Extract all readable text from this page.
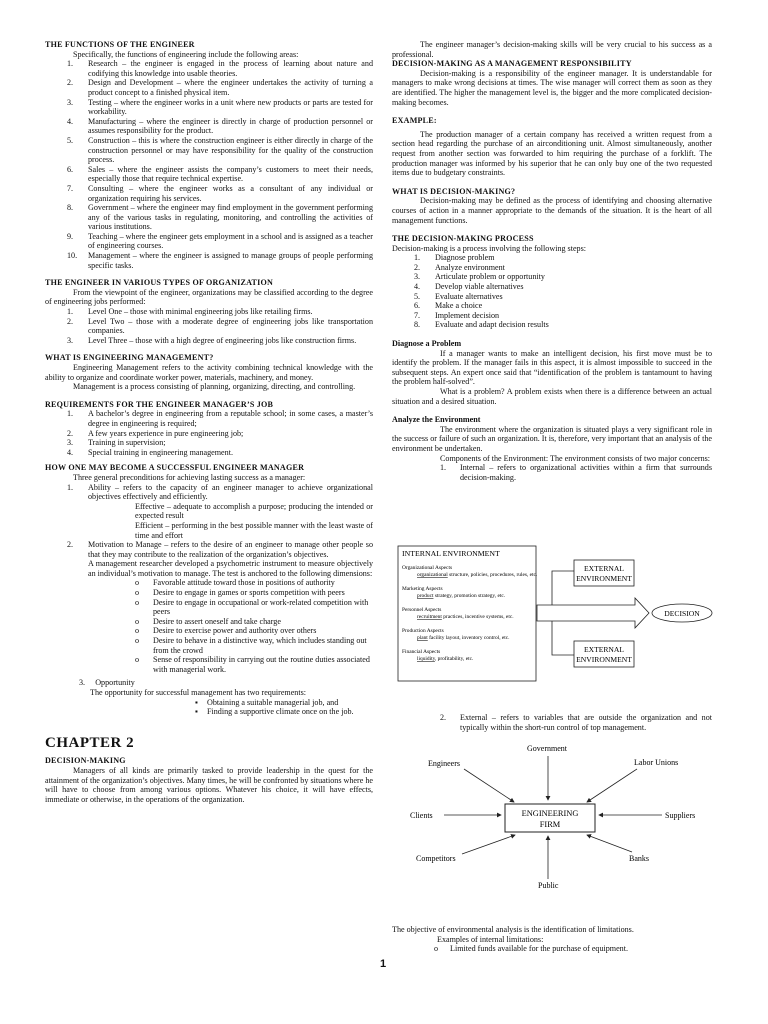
THE FUNCTIONS OF THE ENGINEER
Specifically, the functions of engineering include the following areas:
1. Research – the engineer is engaged in the process of learning about nature and codifying this knowledge into usable theories.
2. Design and Development – where the engineer undertakes the activity of turning a product concept to a finished physical item.
3. Testing – where the engineer works in a unit where new products or parts are tested for workability.
4. Manufacturing – where the engineer is directly in charge of production personnel or assumes responsibility for the product.
5. Construction – this is where the construction engineer is either directly in charge of the construction personnel or may have responsibility for the quality of the construction process.
6. Sales – where the engineer assists the company’s customers to meet their needs, especially those that require technical expertise.
7. Consulting – where the engineer works as a consultant of any individual or organization requiring his services.
8. Government – where the engineer may find employment in the government performing any of the various tasks in regulating, monitoring, and controlling the activities of various institutions.
9. Teaching – where the engineer gets employment in a school and is assigned as a teacher of engineering courses.
10. Management – where the engineer is assigned to manage groups of people performing specific tasks.
THE ENGINEER IN VARIOUS TYPES OF ORGANIZATION
From the viewpoint of the engineer, organizations may be classified according to the degree of engineering jobs performed:
1. Level One – those with minimal engineering jobs like retailing firms.
2. Level Two – those with a moderate degree of engineering jobs like transportation companies.
3. Level Three – those with a high degree of engineering jobs like construction firms.
WHAT IS ENGINEERING MANAGEMENT?
Engineering Management refers to the activity combining technical knowledge with the ability to organize and coordinate worker power, materials, machinery, and money.
Management is a process consisting of planning, organizing, directing, and controlling.
REQUIREMENTS FOR THE ENGINEER MANAGER’S JOB
1. A bachelor’s degree in engineering from a reputable school; in some cases, a master’s degree in engineering is required;
2. A few years experience in pure engineering job;
3. Training in supervision;
4. Special training in engineering management.
HOW ONE MAY BECOME A SUCCESSFUL ENGINEER MANAGER
Three general preconditions for achieving lasting success as a manager:
1. Ability – refers to the capacity of an engineer manager to achieve organizational objectives effectively and efficiently.
Effective – adequate to accomplish a purpose; producing the intended or expected result
Efficient – performing in the best possible manner with the least waste of time and effort
2. Motivation to Manage – refers to the desire of an engineer to manage other people so that they may contribute to the realization of the organization’s objectives.
A management researcher developed a psychometric instrument to measure objectively an individual’s motivation to manage. The test is anchored to the following dimensions:
o Favorable attitude toward those in positions of authority
o Desire to engage in games or sports competition with peers
o Desire to engage in occupational or work-related competition with peers
o Desire to assert oneself and take charge
o Desire to exercise power and authority over others
o Desire to behave in a distinctive way, which includes standing out from the crowd
o Sense of responsibility in carrying out the routine duties associated with managerial work.
3. Opportunity
The opportunity for successful management has two requirements:
▪ Obtaining a suitable managerial job, and
▪ Finding a supportive climate once on the job.
CHAPTER 2
DECISION-MAKING
Managers of all kinds are primarily tasked to provide leadership in the quest for the attainment of the organization’s objectives. Many times, he will be confronted by situations where he will have to choose from among various options. Whatever his choice, it will have effects, immediate or otherwise, in the operations of the organization.
The engineer manager’s decision-making skills will be very crucial to his success as a professional.
DECISION-MAKING AS A MANAGEMENT RESPONSIBILITY
Decision-making is a responsibility of the engineer manager. It is understandable for managers to make wrong decisions at times. The wise manager will correct them as soon as they are identified. The higher the management level is, the bigger and the more complicated decision-making becomes.
EXAMPLE:
The production manager of a certain company has received a written request from a section head regarding the purchase of an airconditioning unit. Almost simultaneously, another request from another section was forwarded to him requiring the purchase of a forklift. The production manager was informed by his superior that he can only buy one of the two requested items due to budgetary constraints.
WHAT IS DECISION-MAKING?
Decision-making may be defined as the process of identifying and choosing alternative courses of action in a manner appropriate to the demands of the situation. It is the heart of all management functions.
THE DECISION-MAKING PROCESS
Decision-making is a process involving the following steps:
1. Diagnose problem
2. Analyze environment
3. Articulate problem or opportunity
4. Develop viable alternatives
5. Evaluate alternatives
6. Make a choice
7. Implement decision
8. Evaluate and adapt decision results
Diagnose a Problem
If a manager wants to make an intelligent decision, his first move must be to identify the problem. If the manager fails in this aspect, it is almost impossible to succeed in the subsequent steps. An expert once said that “identification of the problem is tantamount to having the problem half-solved”.
What is a problem? A problem exists when there is a difference between an actual situation and a desired situation.
Analyze the Environment
The environment where the organization is situated plays a very significant role in the success or failure of such an organization. It is, therefore, very important that an analysis of the environment be undertaken.
Components of the Environment: The environment consists of two major concerns:
1. Internal – refers to organizational activities within a firm that surrounds decision-making.
INTERNAL ENVIRONMENT
Organizational Aspects
organizational structure, policies, procedures, rules, etc.
Marketing Aspects
product strategy, promotion strategy, etc.
Personnel Aspects
recruitment practices, incentive systems, etc.
Production Aspects
plant facility layout, inventory control, etc.
Financial Aspects
liquidity, profitability, etc.
EXTERNAL
ENVIRONMENT
EXTERNAL
ENVIRONMENT
DECISION
2. External – refers to variables that are outside the organization and not typically within the short-run control of top management.
ENGINEERING
FIRM
Engineers
Government
Labor Unions
Clients	Suppliers
Competitors	Banks
Public
The objective of environmental analysis is the identification of limitations.
Examples of internal limitations:
o Limited funds available for the purchase of equipment.
1
